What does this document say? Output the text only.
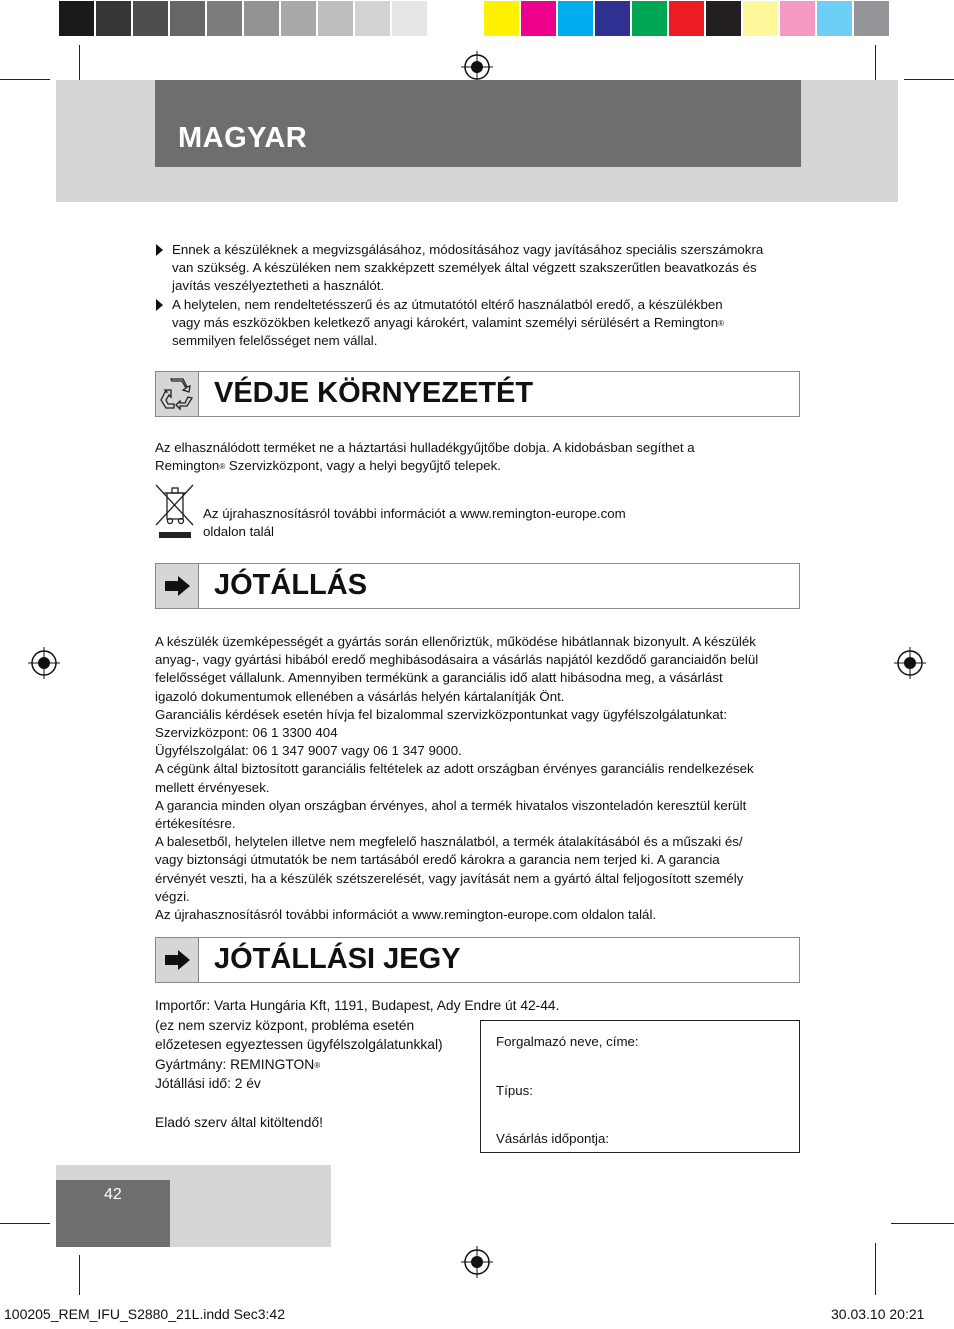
MAGYAR
Ennek a készüléknek a megvizsgálásához, módosításához vagy javításához speciális szerszámokra
van szükség. A készüléken nem szakképzett személyek által végzett szakszerűtlen beavatkozás és
javítás veszélyeztetheti a használót.
A helytelen, nem rendeltetésszerű és az útmutatótól eltérő használatból eredő, a készülékben
vagy más eszközökben keletkező anyagi károkért, valamint személyi sérülésért a Remington®
semmilyen felelősséget nem vállal.
VÉDJE KÖRNYEZETÉT
Az elhasználódott terméket ne a háztartási hulladékgyűjtőbe dobja. A kidobásban segíthet a
Remington® Szervizközpont, vagy a helyi begyűjtő telepek.
Az újrahasznosításról további információt a www.remington-europe.com
oldalon talál
JÓTÁLLÁS
A készülék üzemképességét a gyártás során ellenőriztük, működése hibátlannak bizonyult. A készülék
anyag-, vagy gyártási hibából eredő meghibásodásaira a vásárlás napjától kezdődő garanciaidőn belül
felelősséget vállalunk. Amennyiben termékünk a garanciális idő alatt hibásodna meg, a vásárlást
igazoló dokumentumok ellenében a vásárlás helyén kártalanítják Önt.
Garanciális kérdések esetén hívja fel bizalommal szervizközpontunkat vagy ügyfélszolgálatunkat:
Szervizközpont: 06 1 3300 404
Ügyfélszolgálat: 06 1 347 9007 vagy 06 1 347 9000.
A cégünk által biztosított garanciális feltételek az adott országban érvényes garanciális rendelkezések
mellett érvényesek.
A garancia minden olyan országban érvényes, ahol a termék hivatalos viszonteladón keresztül került
értékesítésre.
A balesetből, helytelen illetve nem megfelelő használatból, a termék átalakításából és a műszaki és/
vagy biztonsági útmutatók be nem tartásából eredő károkra a garancia nem terjed ki. A garancia
érvényét veszti, ha a készülék szétszerelését, vagy javítását nem a gyártó által feljogosított személy
végzi.
Az újrahasznosításról további információt a www.remington-europe.com oldalon talál.
JÓTÁLLÁSI JEGY
Importőr: Varta Hungária Kft, 1191, Budapest, Ady Endre út 42-44.
(ez nem szerviz központ, probléma esetén
előzetesen egyeztessen ügyfélszolgálatunkkal)
Gyártmány: REMINGTON®
Jótállási idő: 2 év
Eladó szerv által kitöltendő!
Forgalmazó neve, címe:
Típus:
Vásárlás időpontja:
42
100205_REM_IFU_S2880_21L.indd Sec3:42	30.03.10 20:21
